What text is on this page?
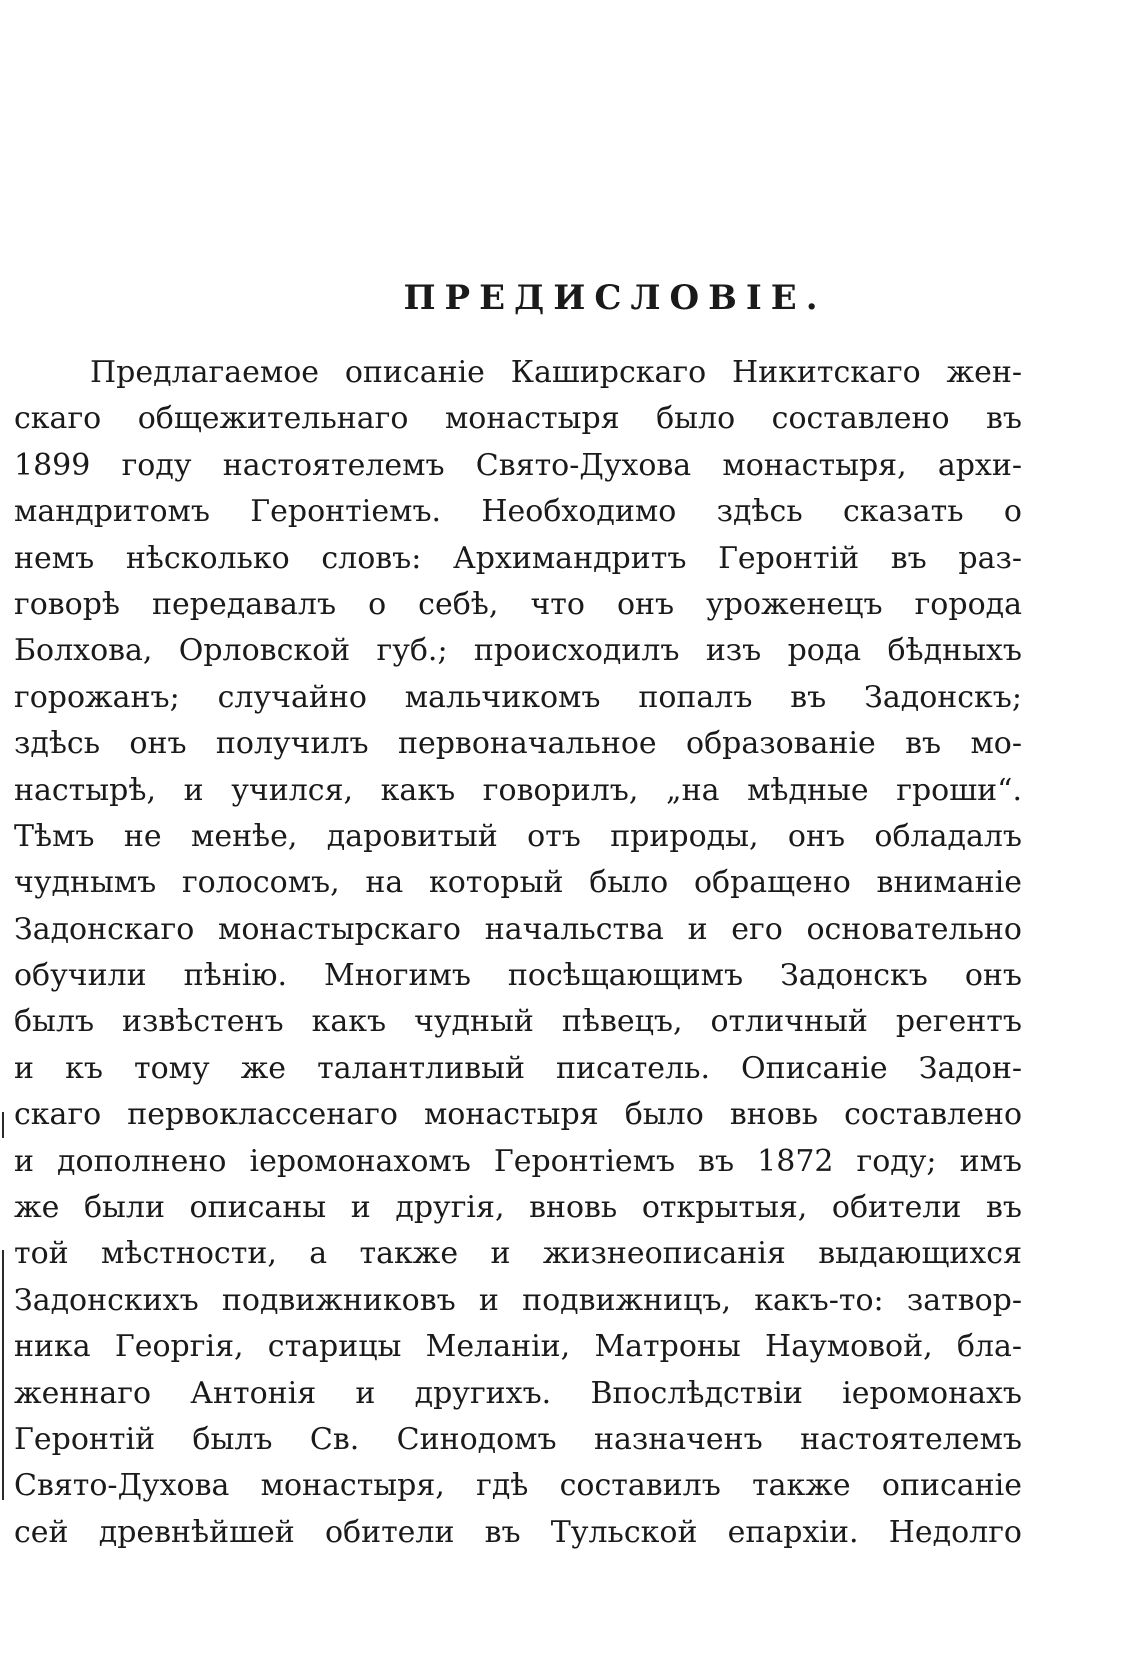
ПРЕДИСЛОВІЕ.
Предлагаемое описаніе Каширскаго Никитскаго жен-
скаго общежительнаго монастыря было составлено въ
1899 году настоятелемъ Свято-Духова монастыря, архи-
мандритомъ Геронтіемъ. Необходимо здѣсь сказать о
немъ нѣсколько словъ: Архимандритъ Геронтій въ раз-
говорѣ передавалъ о себѣ, что онъ уроженецъ города
Болхова, Орловской губ.; происходилъ изъ рода бѣдныхъ
горожанъ; случайно мальчикомъ попалъ въ Задонскъ;
здѣсь онъ получилъ первоначальное образованіе въ мо-
настырѣ, и учился, какъ говорилъ, „на мѣдные гроши“.
Тѣмъ не менѣе, даровитый отъ природы, онъ обладалъ
чуднымъ голосомъ, на который было обращено вниманіе
Задонскаго монастырскаго начальства и его основательно
обучили пѣнію. Многимъ посѣщающимъ Задонскъ онъ
былъ извѣстенъ какъ чудный пѣвецъ, отличный регентъ
и къ тому же талантливый писатель. Описаніе Задон-
скаго первоклассенаго монастыря было вновь составлено
и дополнено іеромонахомъ Геронтіемъ въ 1872 году; имъ
же были описаны и другія, вновь открытыя, обители въ
той мѣстности, а также и жизнеописанія выдающихся
Задонскихъ подвижниковъ и подвижницъ, какъ-то: затвор-
ника Георгія, старицы Меланіи, Матроны Наумовой, бла-
женнаго Антонія и другихъ. Впослѣдствіи іеромонахъ
Геронтій былъ Св. Синодомъ назначенъ настоятелемъ
Свято-Духова монастыря, гдѣ составилъ также описаніе
сей древнѣйшей обители въ Тульской епархіи. Недолго
